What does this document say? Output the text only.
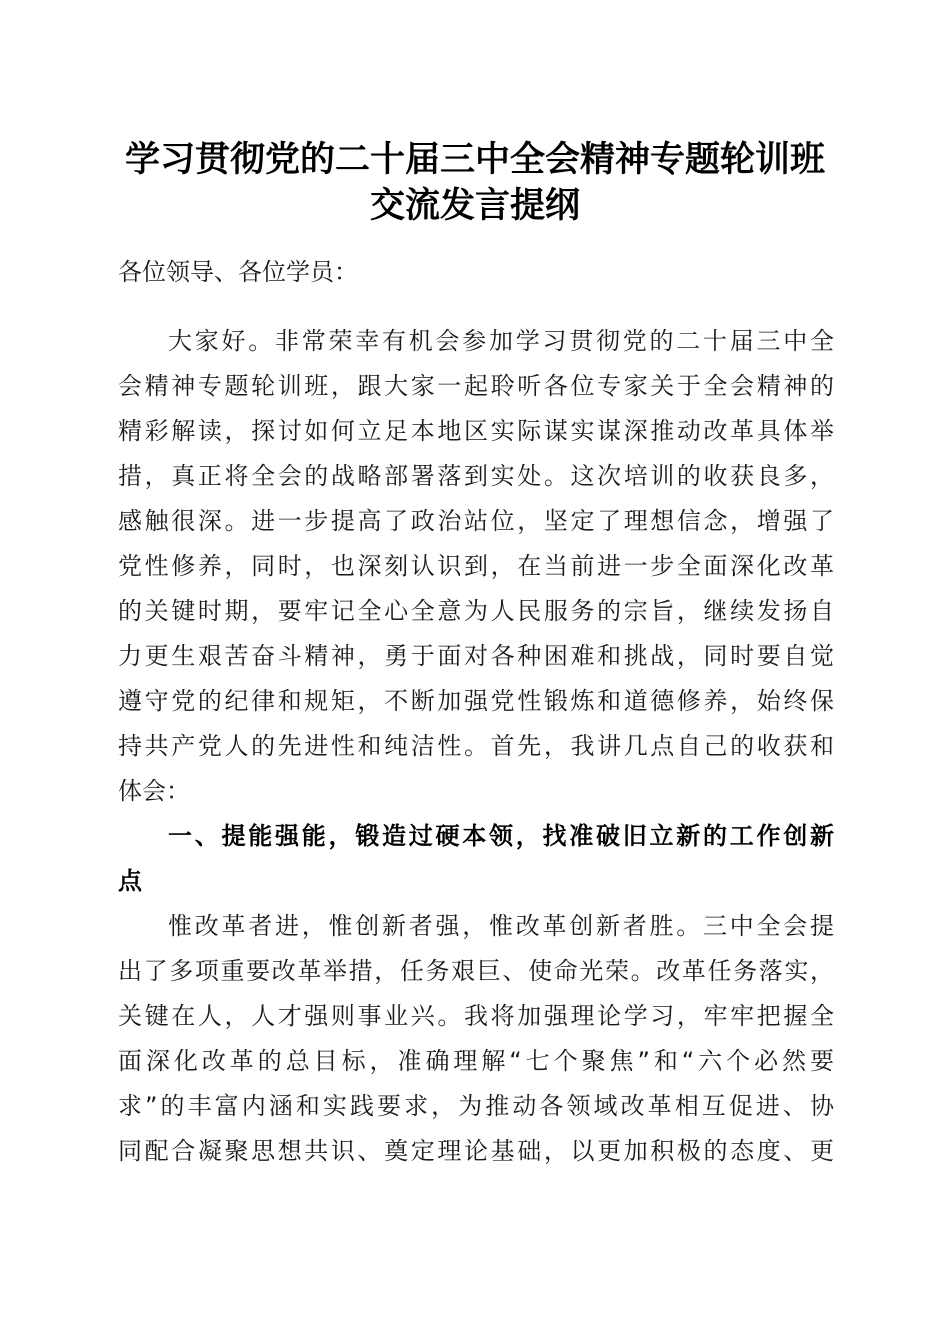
学习贯彻党的二十届三中全会精神专题轮训班
交流发言提纲
各位领导、各位学员：
大家好。非常荣幸有机会参加学习贯彻党的二十届三中全
会精神专题轮训班，跟大家一起聆听各位专家关于全会精神的
精彩解读，探讨如何立足本地区实际谋实谋深推动改革具体举
措，真正将全会的战略部署落到实处。这次培训的收获良多，
感触很深。进一步提高了政治站位，坚定了理想信念，增强了
党性修养，同时，也深刻认识到，在当前进一步全面深化改革
的关键时期，要牢记全心全意为人民服务的宗旨，继续发扬自
力更生艰苦奋斗精神，勇于面对各种困难和挑战，同时要自觉
遵守党的纪律和规矩，不断加强党性锻炼和道德修养，始终保
持共产党人的先进性和纯洁性。首先，我讲几点自己的收获和
体会：
一、提能强能，锻造过硬本领，找准破旧立新的工作创新
点
惟改革者进，惟创新者强，惟改革创新者胜。三中全会提
出了多项重要改革举措，任务艰巨、使命光荣。改革任务落实，
关键在人，人才强则事业兴。我将加强理论学习，牢牢把握全
面深化改革的总目标，准确理解“七个聚焦”和“六个必然要
求”的丰富内涵和实践要求，为推动各领域改革相互促进、协
同配合凝聚思想共识、奠定理论基础，以更加积极的态度、更
